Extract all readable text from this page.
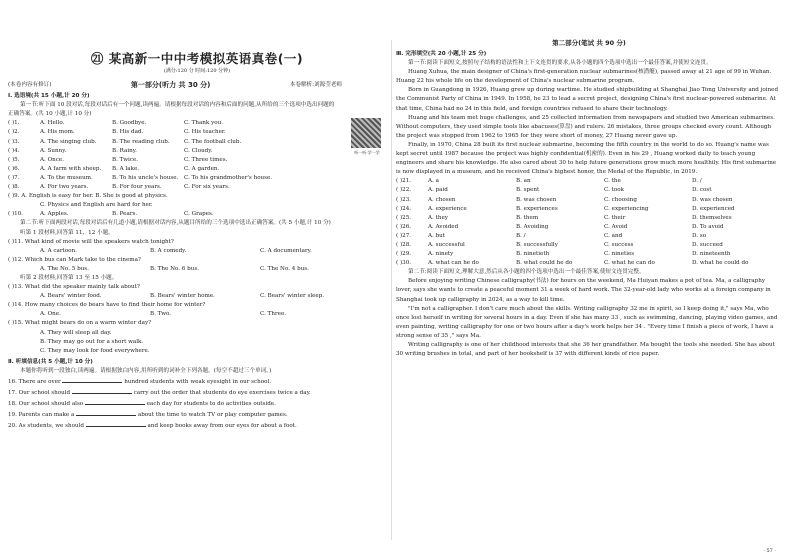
㉑ 某高新一中中考模拟英语真卷(一)

(满分:120 分 时间:120 分钟)

(本卷内容有修订)	第一部分(听力 共 30 分)	本卷解析:刘源莹老师
听一听·学一学

Ⅰ. 选语境(共 15 小题,计 20 分)

第一节:听下面 10 段对话,每段对话后有一个问题,读两遍。请根据每段对话的内容和后面的问题,从所给的三个选项中选出问题的正确答案。(共 10 小题,计 10 分)

( )1.	A. Hello.	B. Goodbye.	C. Thank you.
( )2.	A. His mom.	B. His dad.	C. His teacher.
( )3.	A. The singing club.	B. The reading club.	C. The football club.
( )4.	A. Sunny.	B. Rainy.	C. Cloudy.
( )5.	A. Once.	B. Twice.	C. Three times.
( )6.	A. A farm with sheep.	B. A lake.	C. A garden.
( )7.	A. To the museum.	B. To his uncle's house.	C. To his grandmother's house.
( )8.	A. For two years.	B. For four years.	C. For six years.

( )9. A. English is easy for her. B. She is good at physics.

C. Physics and English are hard for her.

( )10.	A. Apples.	B. Pears.	C. Grapes.

第二节:听下面两段对话,每段对话后有几道小题,请根据对话内容,从题目所给的三个选项中选出正确答案。(共 5 小题,计 10 分)

听第 1 段材料,回答第 11、12 小题。

( )11. What kind of movie will the speakers watch tonight?

A. A cartoon.	B. A comedy.	C. A documentary.

( )12. Which bus can Mark take to the cinema?

A. The No. 5 bus.	B. The No. 6 bus.	C. The No. 4 bus.

听第 2 段材料,回答第 13 至 15 小题。

( )13. What did the speaker mainly talk about?

A. Bears' winter food.	B. Bears' winter home.	C. Bears' winter sleep.

( )14. How many choices do bears have to find their home for winter?

A. One.	B. Two.	C. Three.

( )15. What might bears do on a warm winter day?

A. They will sleep all day.

B. They may go out for a short walk.

C. They may look for food everywhere.

Ⅱ. 听填信息(共 5 小题,计 10 分)

本题你将听到一段独白,读两遍。请根据独白内容,用所听到的词补全下列各题。(每空不超过三个单词。)

16. There are over	hundred students with weak eyesight in our school.

17. Our school should	carry out the order that students do eye exercises twice a day.

18. Our school should also	each day for students to do activities outside.

19. Parents can make a	about the time to watch TV or play computer games.

20. As students, we should	and keep books away from our eyes for about a foot.

第二部分(笔试 共 90 分)

Ⅲ. 完形填空(共 20 小题,计 25 分)

第一节:阅读下面短文,按照句子结构的语法性和上下文连贯的要求,从各小题的四个选项中选出一个最佳答案,并使短文连贯。

Huang Xuhua, the main designer of China's first-generation nuclear submarines(核潜艇), passed away at 21 age of 99 in Wuhan. Huang 22 his whole life on the development of China's nuclear submarine program.

Born in Guangdong in 1926, Huang grew up during wartime. He studied shipbuilding at Shanghai Jiao Tong University and joined the Communist Party of China in 1949. In 1958, he 23 to lead a secret project, designing China's first nuclear-powered submarine. At that time, China had no 24 in this field, and foreign countries refused to share their technology.

Huang and his team met huge challenges, and 25 collected information from newspapers and studied two American submarines. Without computers, they used simple tools like abacuses(算盘) and rulers. 26 mistakes, three groups checked every count. Although the project was stopped from 1962 to 1965 for they were short of money, 27 Huang never gave up.

Finally, in 1970, China 28 built its first nuclear submarine, becoming the fifth country in the world to do so. Huang's name was kept secret until 1987 because the project was highly confidential(机密的). Even in his 29 , Huang worked daily to teach young engineers and share his knowledge. He also cared about 30 to help future generations grow much more healthily. His first submarine is now displayed in a museum, and he received China's highest honor, the Medal of the Republic, in 2019.

( )21.	A. a	B. an	C. the	D. /
( )22.	A. paid	B. spent	C. took	D. cost
( )23.	A. chosen	B. was chosen	C. choosing	D. was chosen
( )24.	A. experience	B. experiences	C. experiencing	D. experienced
( )25.	A. they	B. them	C. their	D. themselves
( )26.	A. Avoided	B. Avoiding	C. Avoid	D. To avoid
( )27.	A. but	B. /	C. and	D. so
( )28.	A. successful	B. successfully	C. success	D. succeed
( )29.	A. ninety	B. ninetieth	C. nineties	D. nineteenth
( )30.	A. what can he do	B. what could he do	C. what he can do	D. what he could do

第二节:阅读下面短文,理解大意,然后从各小题的四个选项中选出一个最佳答案,使短文连贯完整。

Before enjoying writing Chinese calligraphy(书法) for hours on the weekend, Ma Huiyan makes a pot of tea. Ma, a calligraphy lover, says she wants to create a peaceful moment 31 a week of hard work. The 32-year-old lady who works at a foreign company in Shanghai took up calligraphy in 2024, as a way to kill time.

"I'm not a calligrapher. I don't care much about the skills. Writing calligraphy 32 me in spirit, so I keep doing it," says Ma, who once lost herself in writing for several hours in a day. Even if she has many 33 , such as swimming, dancing, playing video games, and even painting, writing calligraphy for one or two hours after a day's work helps her 34 . "Every time I finish a piece of work, I have a strong sense of 35 ," says Ma.

Writing calligraphy is one of her childhood interests that she 36 her grandfather. Ma bought the tools she needed. She has about 30 writing brushes in total, and part of her bookshelf is 37 with different kinds of rice paper.

· 57 ·
